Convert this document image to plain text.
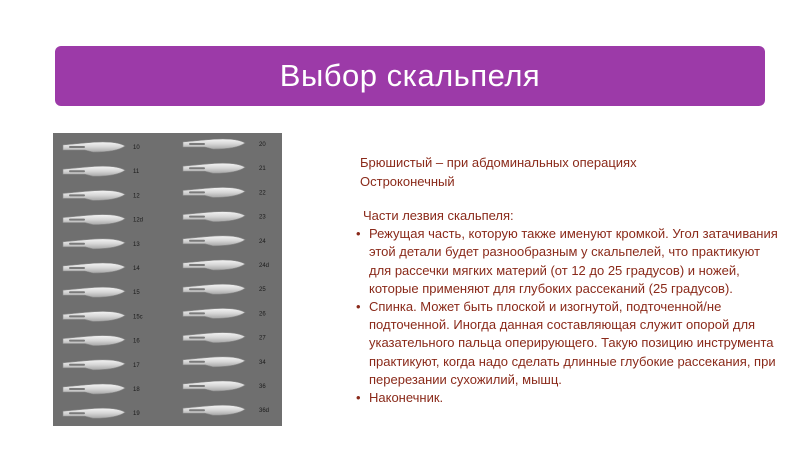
Выбор скальпеля
10
11
12
12d
13
14
15
15c
16
17
18
19
20
21
22
23
24
24d
25
26
27
34
36
36d
Брюшистый – при абдоминальных операциях
Остроконечный
Части лезвия скальпеля:
• Режущая часть, которую также именуют кромкой. Угол затачивания этой детали будет разнообразным у скальпелей, что практикуют для рассечки мягких материй (от 12 до 25 градусов) и ножей, которые применяют для глубоких рассеканий (25 градусов).
• Спинка. Может быть плоской и изогнутой, подточенной/не подточенной. Иногда данная составляющая служит опорой для указательного пальца оперирующего. Такую позицию инструмента практикуют, когда надо сделать длинные глубокие рассекания, при перерезании сухожилий, мышц.
• Наконечник.
